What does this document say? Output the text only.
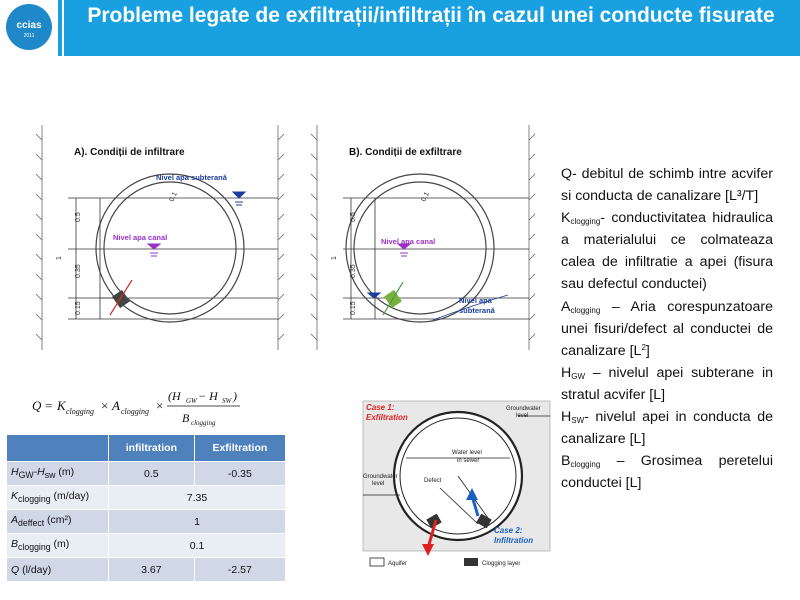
ccias
2011
Probleme legate de exfiltrații/infiltrații în cazul unei conducte fisurate
A). Condiții de infiltrare
Nivel apa subterană
Nivel apa canal
1
0.5
0.35
0.15
0.1
B). Condiții de exfiltrare
Nivel apa canal
Nivel apa
subterană
1
0.5
0.35
0.15
0.1
Q = K clogging × A clogging ×
(H GW − H SW )
B clogging
	infiltration	Exfiltration
$H_{GW}-H_{sw}$ (m)	0.5	-0.35
$K_{clogging}$ (m/day)	7.35	
$A_{deffect}$ (cm²)	1	
$B_{clogging}$ (m)	0.1	
Q (l/day)	3.67	-2.57
Case 1:
Exfiltration
Case 2:
Infiltration
Groundwater
level
Water level
in sewer
Defect
Groundwater
level
Aquifer	Clogging layer

Q- debitul de schimb intre acvifer si conducta de canalizare [L³/T]

$K_{clogging}-$ conductivitatea hidraulica a materialului ce colmateaza calea de infiltratie a apei (fisura sau defectul conductei)

$A_{clogging}$ – Aria corespunzatoare unei fisuri/defect al conductei de canalizare $[L^2]$

$H_{GW}$ – nivelul apei subterane in stratul acvifer [L]

$H_{SW}-$ nivelul apei in conducta de canalizare [L]

$B_{clogging}$ – Grosimea peretelui conductei [L]
